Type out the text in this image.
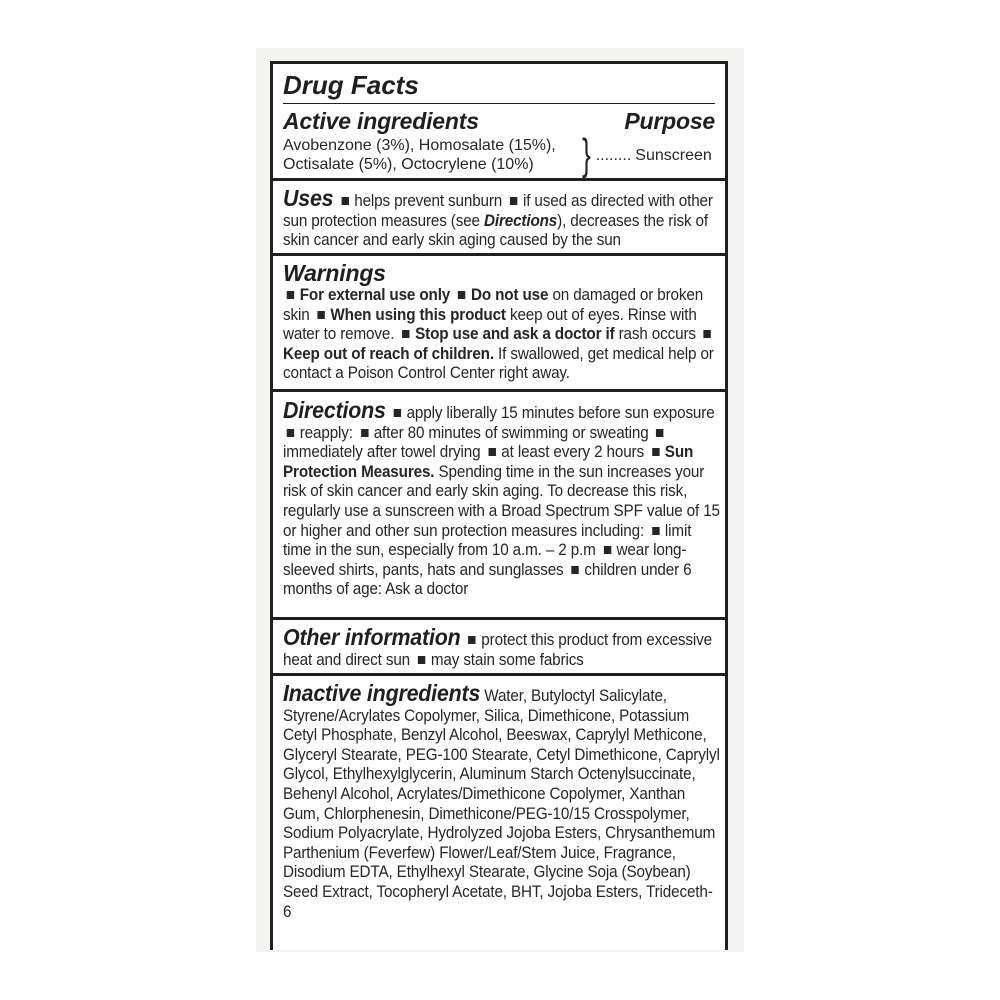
Drug Facts
Active ingredients	Purpose
Avobenzone (3%), Homosalate (15%),
Octisalate (5%), Octocrylene (10%)	} ........ Sunscreen
Uses helps prevent sunburn if used as directed with other sun protection measures (see Directions), decreases the risk of skin cancer and early skin aging caused by the sun
Warnings
For external use only Do not use on damaged or broken skin When using this product keep out of eyes. Rinse with water to remove. Stop use and ask a doctor if rash occurs Keep out of reach of children. If swallowed, get medical help or contact a Poison Control Center right away.
Directions apply liberally 15 minutes before sun exposure reapply: after 80 minutes of swimming or sweating immediately after towel drying at least every 2 hours Sun Protection Measures. Spending time in the sun increases your risk of skin cancer and early skin aging. To decrease this risk, regularly use a sunscreen with a Broad Spectrum SPF value of 15 or higher and other sun protection measures including: limit time in the sun, especially from 10 a.m. – 2 p.m wear long-sleeved shirts, pants, hats and sunglasses children under 6 months of age: Ask a doctor
Other information protect this product from excessive heat and direct sun may stain some fabrics
Inactive ingredients Water, Butyloctyl Salicylate, Styrene/Acrylates Copolymer, Silica, Dimethicone, Potassium Cetyl Phosphate, Benzyl Alcohol, Beeswax, Caprylyl Methicone, Glyceryl Stearate, PEG-100 Stearate, Cetyl Dimethicone, Caprylyl Glycol, Ethylhexylglycerin, Aluminum Starch Octenylsuccinate, Behenyl Alcohol, Acrylates/Dimethicone Copolymer, Xanthan Gum, Chlorphenesin, Dimethicone/PEG-10/15 Crosspolymer, Sodium Polyacrylate, Hydrolyzed Jojoba Esters, Chrysanthemum Parthenium (Feverfew) Flower/Leaf/Stem Juice, Fragrance, Disodium EDTA, Ethylhexyl Stearate, Glycine Soja (Soybean) Seed Extract, Tocopheryl Acetate, BHT, Jojoba Esters, Trideceth-6
